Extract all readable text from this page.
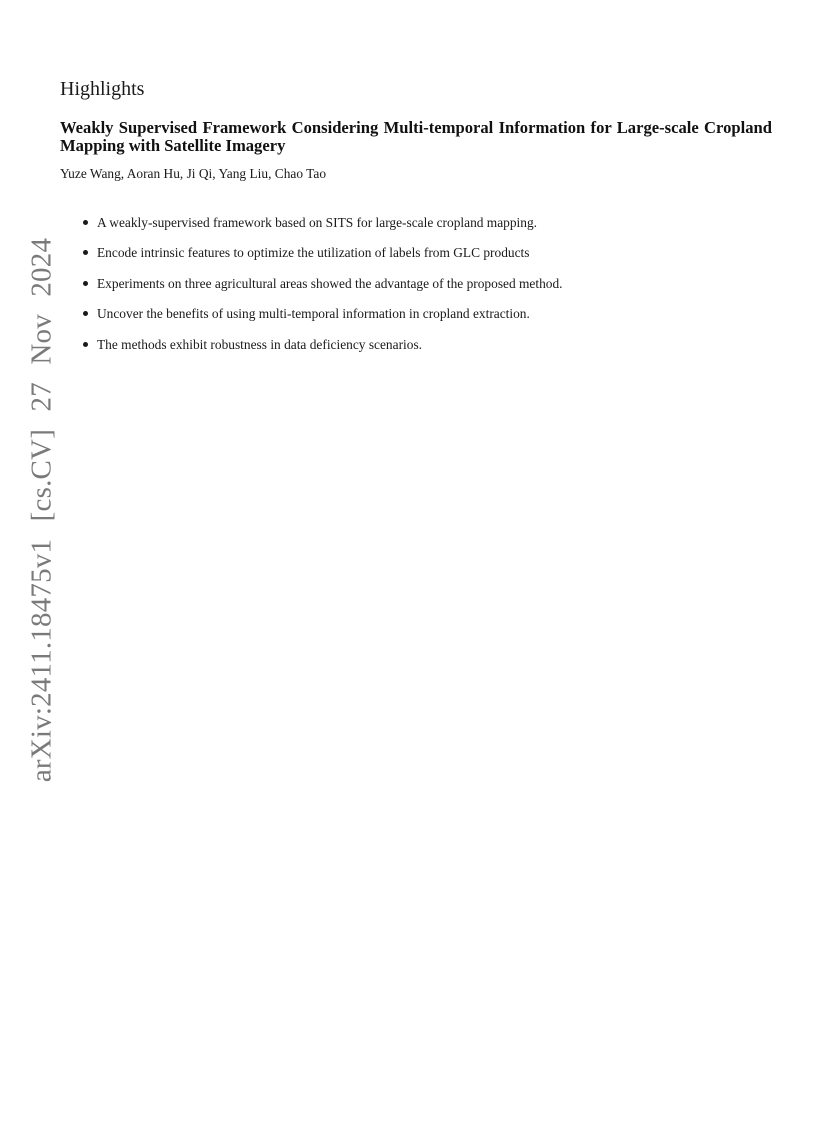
arXiv:2411.18475v1 [cs.CV] 27 Nov 2024
Highlights
Weakly Supervised Framework Considering Multi-temporal Information for Large-scale Cropland Mapping with Satellite Imagery

Yuze Wang, Aoran Hu, Ji Qi, Yang Liu, Chao Tao

A weakly-supervised framework based on SITS for large-scale cropland mapping.
Encode intrinsic features to optimize the utilization of labels from GLC products
Experiments on three agricultural areas showed the advantage of the proposed method.
Uncover the benefits of using multi-temporal information in cropland extraction.
The methods exhibit robustness in data deficiency scenarios.
